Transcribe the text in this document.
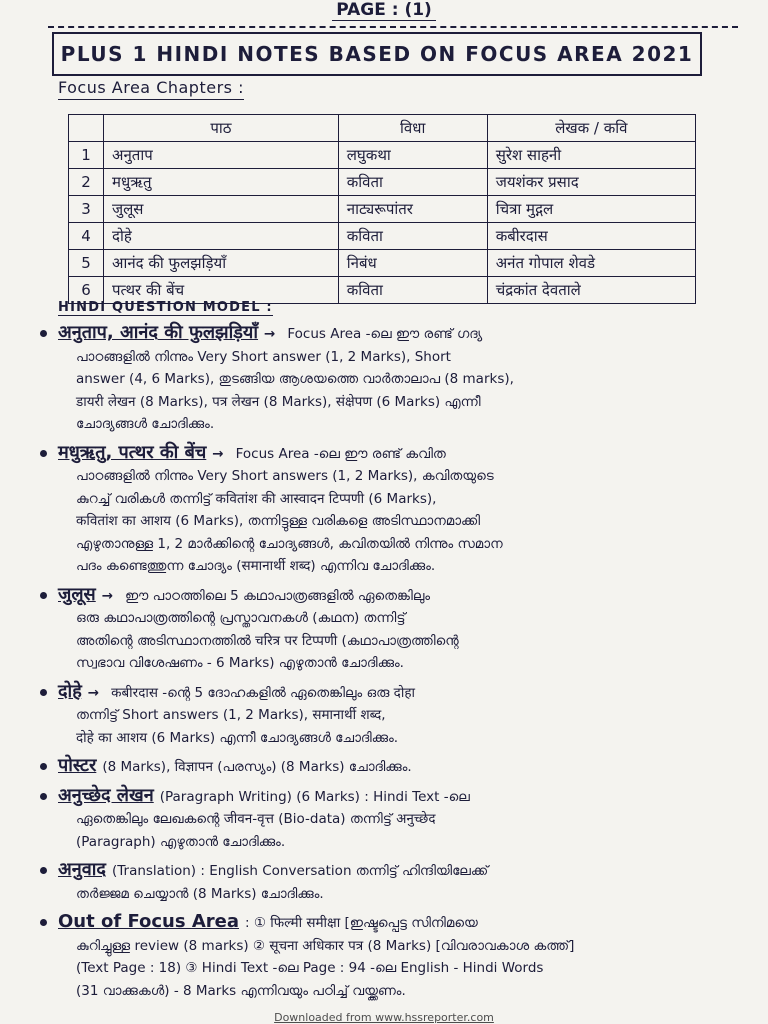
PAGE : (1)
PLUS 1 HINDI NOTES BASED ON FOCUS AREA 2021
Focus Area Chapters :
	पाठ	विधा	लेखक / कवि
1	अनुताप	लघुकथा	सुरेश साहनी
2	मधुऋतु	कविता	जयशंकर प्रसाद
3	जुलूस	नाट्यरूपांतर	चित्रा मुद्गल
4	दोहे	कविता	कबीरदास
5	आनंद की फुलझड़ियाँ	निबंध	अनंत गोपाल शेवडे
6	पत्थर की बेंच	कविता	चंद्रकांत देवताले
HINDI QUESTION MODEL :
अनुताप, आनंद की फुलझड़ियाँ → Focus Area -ലെ ഈ രണ്ട് ഗദ്യ
പാഠങ്ങളിൽ നിന്നും Very Short answer (1, 2 Marks), Short
answer (4, 6 Marks), തുടങ്ങിയ ആശയത്തെ വാർതാലാപ (8 marks),
डायरी लेखन (8 Marks), पत्र लेखन (8 Marks), संक्षेपण (6 Marks) എന്നീ
ചോദ്യങ്ങൾ ചോദിക്കും.
मधुऋतु, पत्थर की बेंच → Focus Area -ലെ ഈ രണ്ട് കവിത
പാഠങ്ങളിൽ നിന്നും Very Short answers (1, 2 Marks), കവിതയുടെ
കുറച്ച് വരികൾ തന്നിട്ട് कवितांश की आस्वादन टिप्पणी (6 Marks),
कवितांश का आशय (6 Marks), തന്നിട്ടുള്ള വരികളെ അടിസ്ഥാനമാക്കി
എഴുതാനുള്ള 1, 2 മാർക്കിന്റെ ചോദ്യങ്ങൾ, കവിതയിൽ നിന്നും സമാന
പദം കണ്ടെത്തുന്ന ചോദ്യം (समानार्थी शब्द) എന്നിവ ചോദിക്കും.
जुलूस → ഈ പാഠത്തിലെ 5 കഥാപാത്രങ്ങളിൽ ഏതെങ്കിലും
ഒരു കഥാപാത്രത്തിന്റെ പ്രസ്താവനകൾ (കഥന) തന്നിട്ട്
അതിന്റെ അടിസ്ഥാനത്തിൽ चरित्र पर टिप्पणी (കഥാപാത്രത്തിന്റെ
സ്വഭാവ വിശേഷണം - 6 Marks) എഴുതാൻ ചോദിക്കും.
दोहे → कबीरदास -ന്റെ 5 ദോഹകളിൽ ഏതെങ്കിലും ഒരു दोहा
തന്നിട്ട് Short answers (1, 2 Marks), समानार्थी शब्द,
दोहे का आशय (6 Marks) എന്നീ ചോദ്യങ്ങൾ ചോദിക്കും.
पोस्टर (8 Marks), विज्ञापन (പരസ്യം) (8 Marks) ചോദിക്കും.
अनुच्छेद लेखन (Paragraph Writing) (6 Marks) : Hindi Text -ലെ
ഏതെങ്കിലും ലേഖകന്റെ जीवन-वृत्त (Bio-data) തന്നിട്ട് अनुच्छेद
(Paragraph) എഴുതാൻ ചോദിക്കും.
अनुवाद (Translation) : English Conversation തന്നിട്ട് ഹിന്ദിയിലേക്ക്
തർജ്ജമ ചെയ്യാൻ (8 Marks) ചോദിക്കും.
Out of Focus Area : ① फिल्मी समीक्षा [ഇഷ്ടപ്പെട്ട സിനിമയെ
കുറിച്ചുള്ള review (8 marks) ② सूचना अधिकार पत्र (8 Marks) [വിവരാവകാശ കത്ത്]
(Text Page : 18) ③ Hindi Text -ലെ Page : 94 -ലെ English - Hindi Words
(31 വാക്കുകൾ) - 8 Marks എന്നിവയും പഠിച്ച് വയ്ക്കണം.
Downloaded from www.hssreporter.com
